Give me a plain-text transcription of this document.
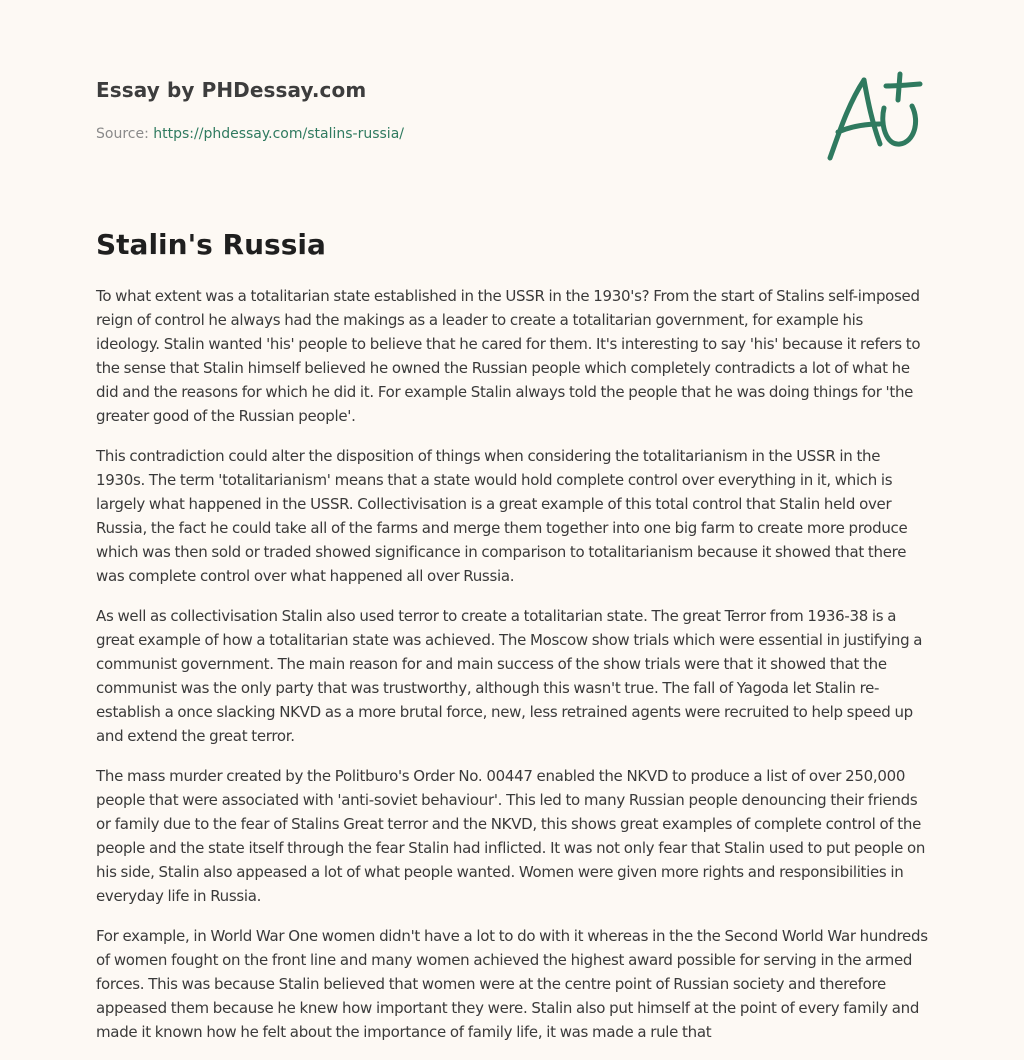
Essay by PHDessay.com
Source: https://phdessay.com/stalins-russia/
Stalin's Russia

To what extent was a totalitarian state established in the USSR in the 1930's? From the start of Stalins self-imposed reign of control he always had the makings as a leader to create a totalitarian government, for example his ideology. Stalin wanted 'his' people to believe that he cared for them. It's interesting to say 'his' because it refers to the sense that Stalin himself believed he owned the Russian people which completely contradicts a lot of what he did and the reasons for which he did it. For example Stalin always told the people that he was doing things for 'the greater good of the Russian people'.

This contradiction could alter the disposition of things when considering the totalitarianism in the USSR in the 1930s. The term 'totalitarianism' means that a state would hold complete control over everything in it, which is largely what happened in the USSR. Collectivisation is a great example of this total control that Stalin held over Russia, the fact he could take all of the farms and merge them together into one big farm to create more produce which was then sold or traded showed significance in comparison to totalitarianism because it showed that there was complete control over what happened all over Russia.

As well as collectivisation Stalin also used terror to create a totalitarian state. The great Terror from 1936-38 is a great example of how a totalitarian state was achieved. The Moscow show trials which were essential in justifying a communist government. The main reason for and main success of the show trials were that it showed that the communist was the only party that was trustworthy, although this wasn't true. The fall of Yagoda let Stalin re-establish a once slacking NKVD as a more brutal force, new, less retrained agents were recruited to help speed up and extend the great terror.

The mass murder created by the Politburo's Order No. 00447 enabled the NKVD to produce a list of over 250,000 people that were associated with 'anti-soviet behaviour'. This led to many Russian people denouncing their friends or family due to the fear of Stalins Great terror and the NKVD, this shows great examples of complete control of the people and the state itself through the fear Stalin had inflicted. It was not only fear that Stalin used to put people on his side, Stalin also appeased a lot of what people wanted. Women were given more rights and responsibilities in everyday life in Russia.

For example, in World War One women didn't have a lot to do with it whereas in the the Second World War hundreds of women fought on the front line and many women achieved the highest award possible for serving in the armed forces. This was because Stalin believed that women were at the centre point of Russian society and therefore appeased them because he knew how important they were. Stalin also put himself at the point of every family and made it known how he felt about the importance of family life, it was made a rule that
